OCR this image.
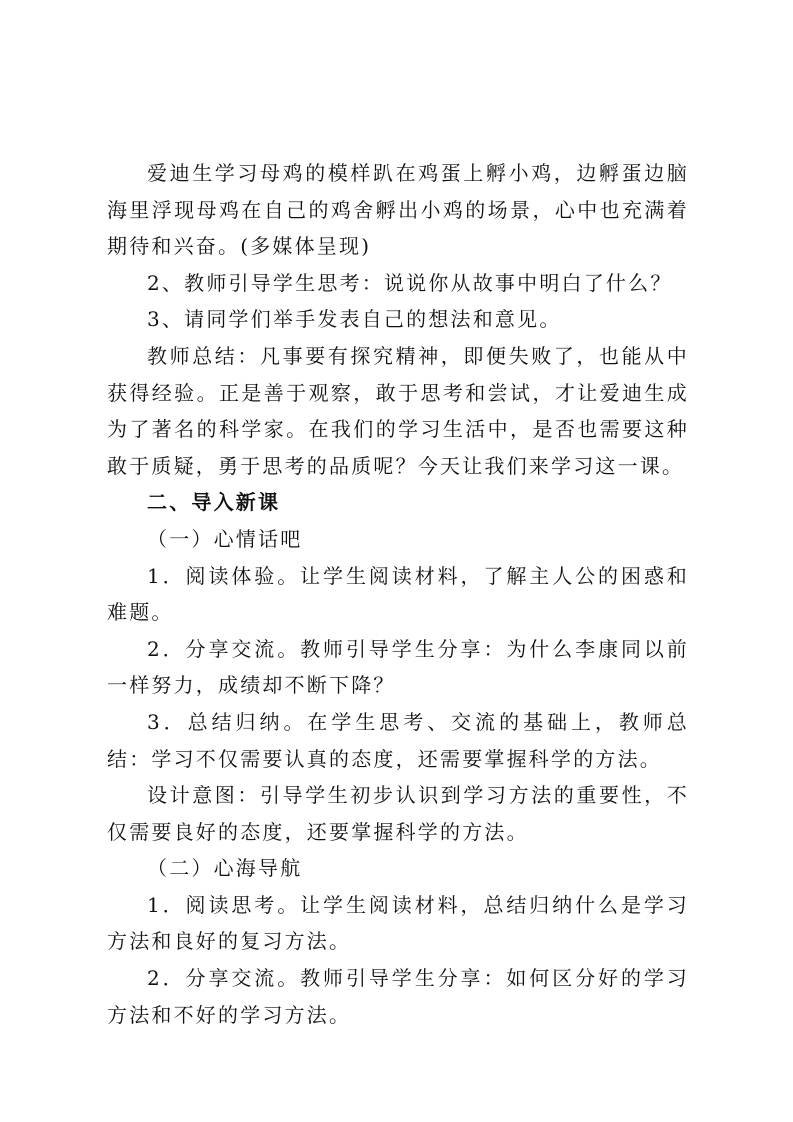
爱迪生学习母鸡的模样趴在鸡蛋上孵小鸡，边孵蛋边脑海里浮现母鸡在自己的鸡舍孵出小鸡的场景，心中也充满着期待和兴奋。(多媒体呈现)

2、教师引导学生思考：说说你从故事中明白了什么？

3、请同学们举手发表自己的想法和意见。

教师总结：凡事要有探究精神，即便失败了，也能从中获得经验。正是善于观察，敢于思考和尝试，才让爱迪生成为了著名的科学家。在我们的学习生活中，是否也需要这种敢于质疑，勇于思考的品质呢？今天让我们来学习这一课。

二、导入新课

（一）心情话吧

1．阅读体验。让学生阅读材料，了解主人公的困惑和难题。

2．分享交流。教师引导学生分享：为什么李康同以前一样努力，成绩却不断下降？

3．总结归纳。在学生思考、交流的基础上，教师总结：学习不仅需要认真的态度，还需要掌握科学的方法。

设计意图：引导学生初步认识到学习方法的重要性，不仅需要良好的态度，还要掌握科学的方法。

（二）心海导航

1．阅读思考。让学生阅读材料，总结归纳什么是学习方法和良好的复习方法。

2．分享交流。教师引导学生分享：如何区分好的学习方法和不好的学习方法。
